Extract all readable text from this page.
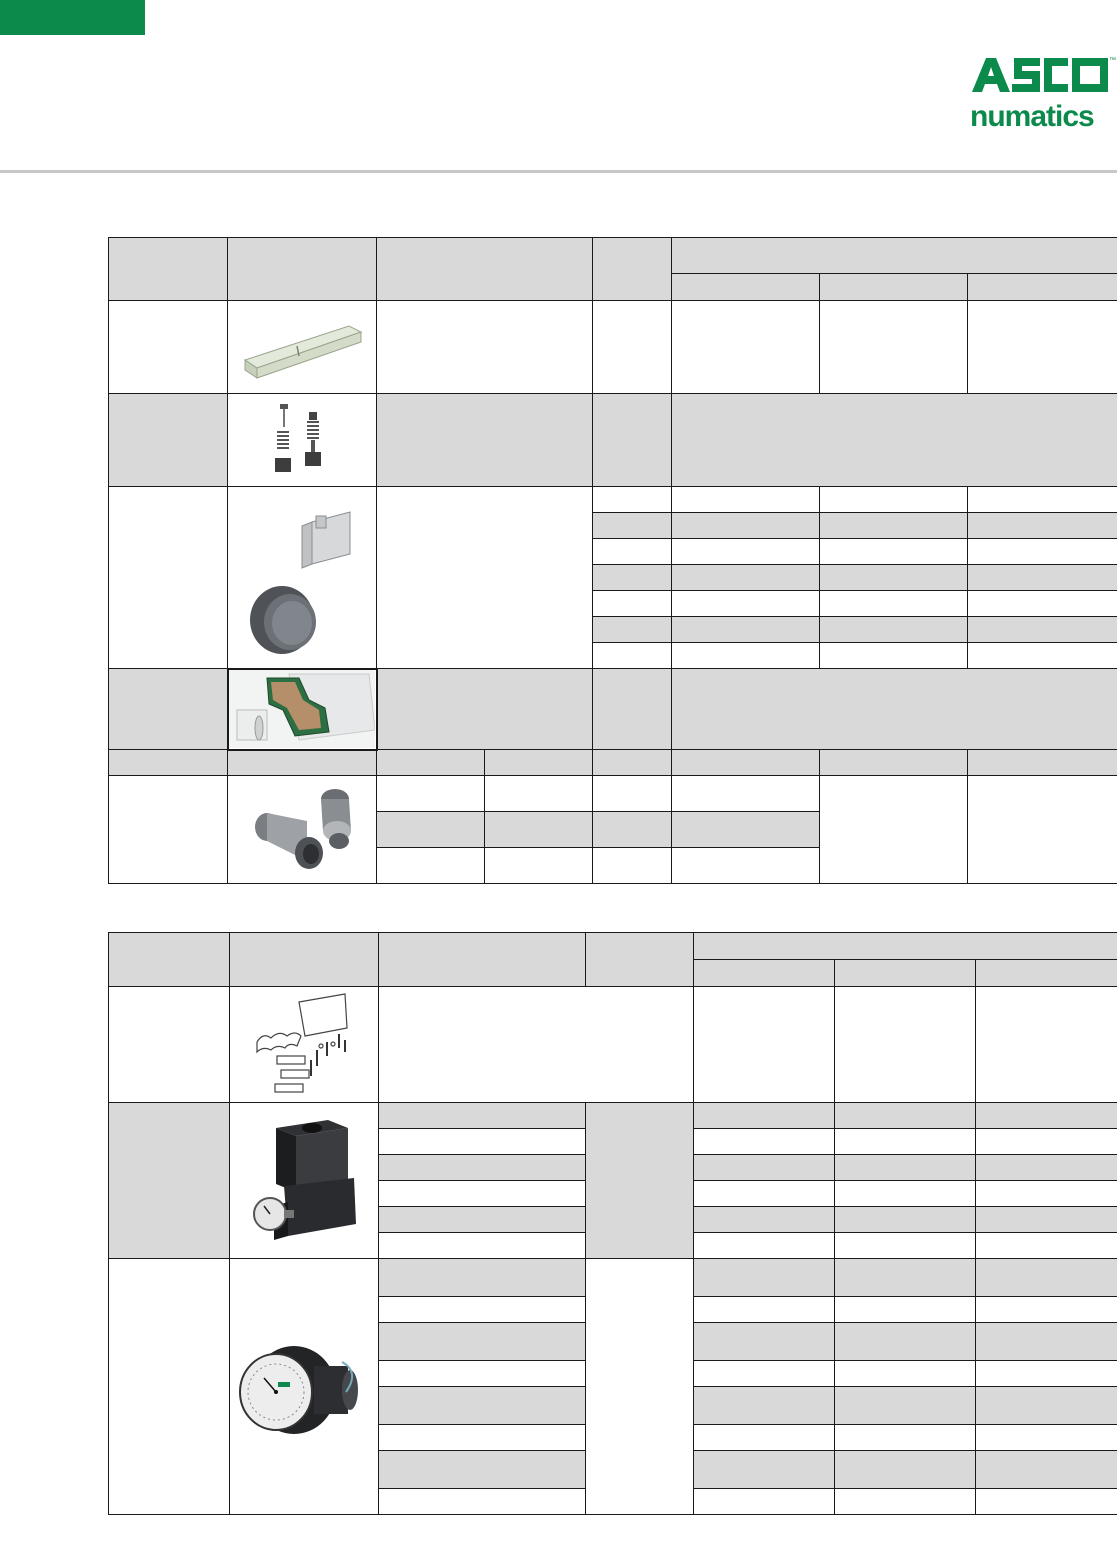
™
numatics
